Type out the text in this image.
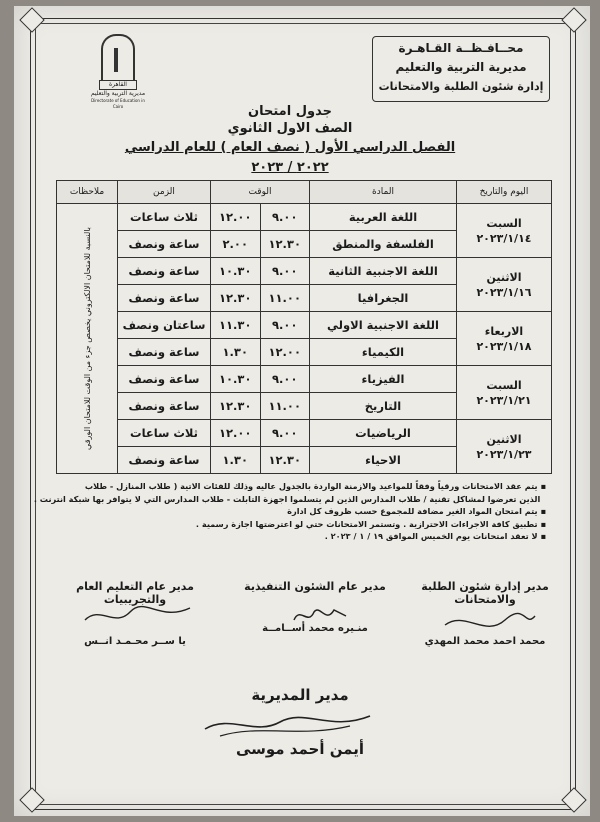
محــافـظــة القـاهـرة
مديرية التربية والتعليم
إدارة شئون الطلبة والامتحانات
القاهرة
مديرية التربية والتعليم
Directorate of Education in Cairo	جدول امتحان
الصف الاول الثانوي
الفصل الدراسي الأول ( نصف العام ) للعام الدراسي ٢٠٢٢ / ٢٠٢٣
اليوم والتاريخ	المادة	الوقت		الزمن	ملاحظات

السبت
٢٠٢٣/١/١٤	اللغة العربية	٩.٠٠	١٢.٠٠	ثلاث ساعات	بالنسبة للامتحان الالكتروني يخصص جزء من الوقت للامتحان الورقي

	الفلسفة والمنطق	١٢.٣٠	٢.٠٠	ساعة ونصف	

الاثنين
٢٠٢٣/١/١٦	اللغة الاجنبية الثانية	٩.٠٠	١٠.٣٠	ساعة ونصف	
	الجغرافيا	١١.٠٠	١٢.٣٠	ساعة ونصف	

الاربعاء
٢٠٢٣/١/١٨	اللغة الاجنبية الاولي	٩.٠٠	١١.٣٠	ساعتان ونصف	
	الكيمياء	١٢.٠٠	١.٣٠	ساعة ونصف	

السبت
٢٠٢٣/١/٢١	الفيزياء	٩.٠٠	١٠.٣٠	ساعة ونصف	
	التاريخ	١١.٠٠	١٢.٣٠	ساعة ونصف	

الاثنين
٢٠٢٣/١/٢٣	الرياضيات	٩.٠٠	١٢.٠٠	ثلاث ساعات	
	الاحياء	١٢.٣٠	١.٣٠	ساعة ونصف	
▪ يتم عقد الامتحانات ورقياً وفقاً للمواعيد والازمنة الواردة بالجدول عاليه وذلك للفئات الاتية ( طلاب المنازل - طلاب
الذين تعرضوا لمشاكل تقنية / طلاب المدارس الذين لم يتسلموا اجهزة التابلت - طلاب المدارس التي لا يتوافر بها شبكة انترنت .
▪ يتم امتحان المواد الغير مضافة للمجموع حسب ظروف كل ادارة
▪ تطبيق كافة الاجراءات الاحترازية . وتستمر الامتحانات حتي لو اعترضتها اجازة رسمية .
▪ لا تعقد امتحانات يوم الخميس الموافق ١٩ / ١ / ٢٠٢٣ .
مدير عام التعليم العام والتجريبيات
يا ســر محـمـد انــس
مدير عام الشئون التنفيذية
منـيره محمد أســامــة
مدير إدارة شئون الطلبة والامتحانات
محمد احمد محمد المهدي
مدير المديرية
أيمن أحمد موسى
